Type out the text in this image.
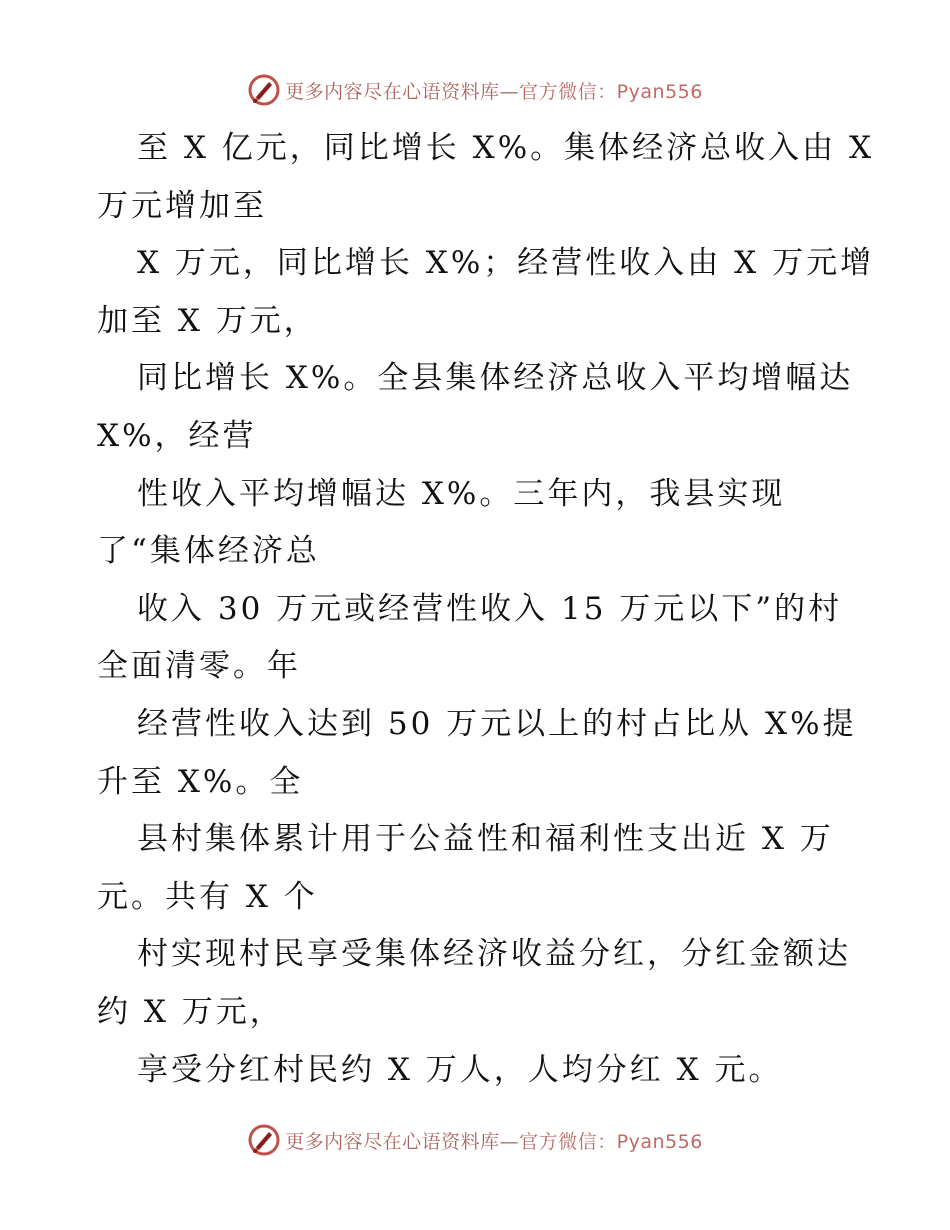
更多内容尽在心语资料库—官方微信：Pyan556
至 X 亿元，同比增长 X%。集体经济总收入由 X
万元增加至
X 万元，同比增长 X%；经营性收入由 X 万元增
加至 X 万元，
同比增长 X%。全县集体经济总收入平均增幅达
X%，经营
性收入平均增幅达 X%。三年内，我县实现
了“集体经济总
收入 30 万元或经营性收入 15 万元以下”的村
全面清零。年
经营性收入达到 50 万元以上的村占比从 X%提
升至 X%。全
县村集体累计用于公益性和福利性支出近 X 万
元。共有 X 个
村实现村民享受集体经济收益分红，分红金额达
约 X 万元，
享受分红村民约 X 万人，人均分红 X 元。
更多内容尽在心语资料库—官方微信：Pyan556
